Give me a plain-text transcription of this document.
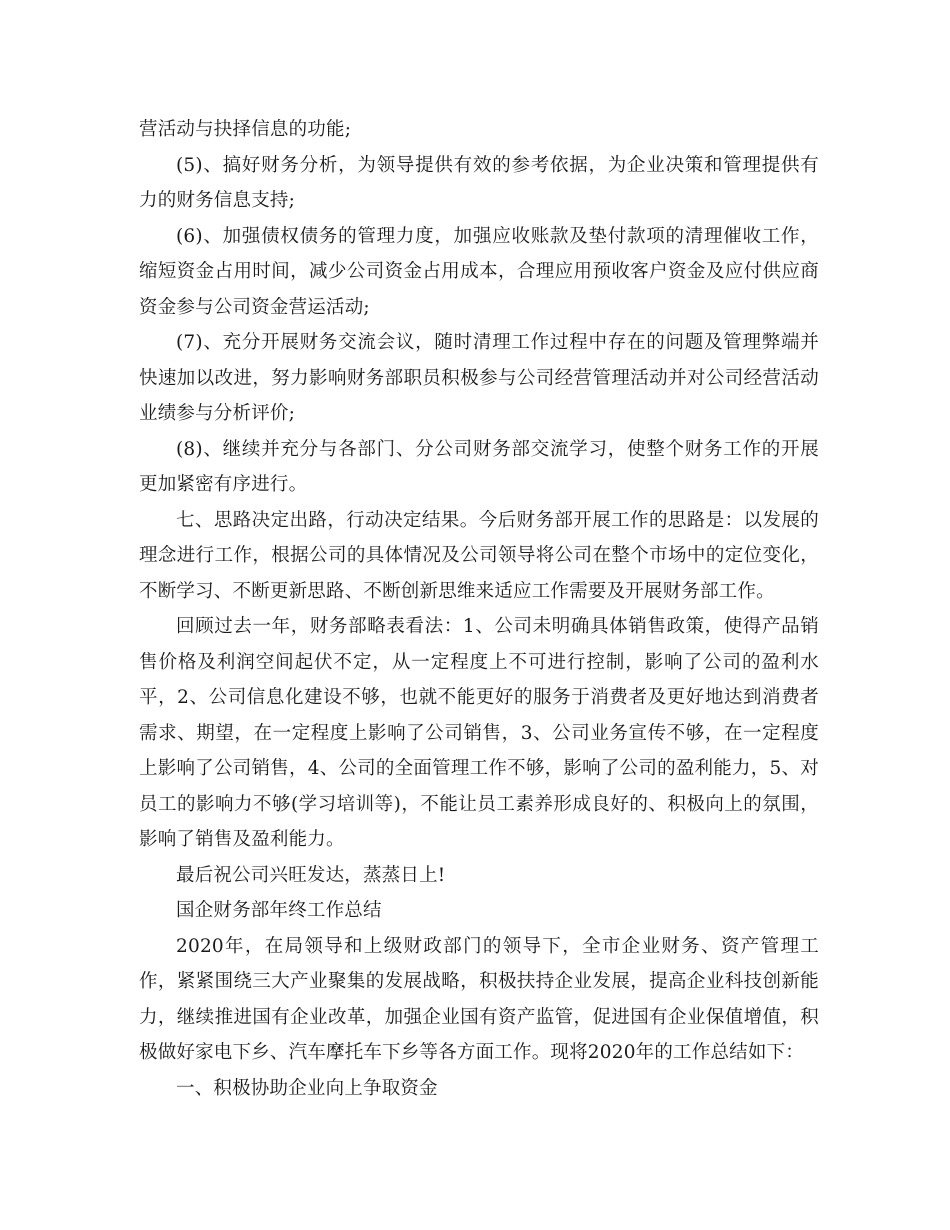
营活动与抉择信息的功能;

(5)、搞好财务分析，为领导提供有效的参考依据，为企业决策和管理提供有力的财务信息支持;

(6)、加强债权债务的管理力度，加强应收账款及垫付款项的清理催收工作，缩短资金占用时间，减少公司资金占用成本，合理应用预收客户资金及应付供应商资金参与公司资金营运活动;

(7)、充分开展财务交流会议，随时清理工作过程中存在的问题及管理弊端并快速加以改进，努力影响财务部职员积极参与公司经营管理活动并对公司经营活动业绩参与分析评价;

(8)、继续并充分与各部门、分公司财务部交流学习，使整个财务工作的开展更加紧密有序进行。

七、思路决定出路，行动决定结果。今后财务部开展工作的思路是：以发展的理念进行工作，根据公司的具体情况及公司领导将公司在整个市场中的定位变化，不断学习、不断更新思路、不断创新思维来适应工作需要及开展财务部工作。

回顾过去一年，财务部略表看法：1、公司未明确具体销售政策，使得产品销售价格及利润空间起伏不定，从一定程度上不可进行控制，影响了公司的盈利水平，2、公司信息化建设不够，也就不能更好的服务于消费者及更好地达到消费者需求、期望，在一定程度上影响了公司销售，3、公司业务宣传不够，在一定程度上影响了公司销售，4、公司的全面管理工作不够，影响了公司的盈利能力，5、对员工的影响力不够(学习培训等)，不能让员工素养形成良好的、积极向上的氛围，影响了销售及盈利能力。

最后祝公司兴旺发达，蒸蒸日上!

国企财务部年终工作总结

2020年，在局领导和上级财政部门的领导下，全市企业财务、资产管理工作，紧紧围绕三大产业聚集的发展战略，积极扶持企业发展，提高企业科技创新能力，继续推进国有企业改革，加强企业国有资产监管，促进国有企业保值增值，积极做好家电下乡、汽车摩托车下乡等各方面工作。现将2020年的工作总结如下：

一、积极协助企业向上争取资金
